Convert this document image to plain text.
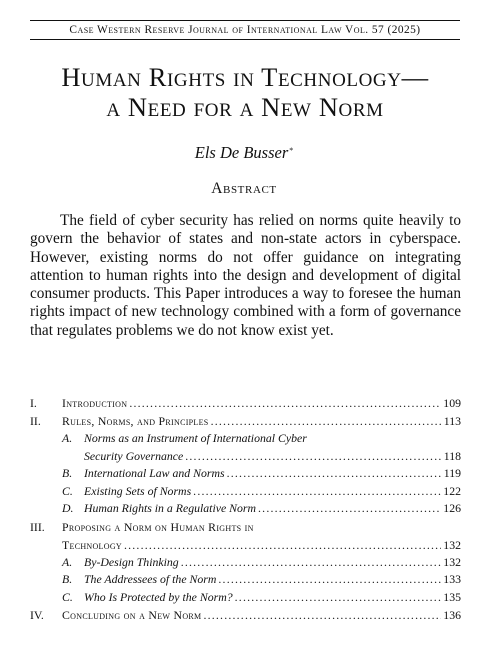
Case Western Reserve Journal of International Law Vol. 57 (2025)
Human Rights in Technology—
a Need for a New Norm
Els De Busser*
Abstract

The field of cyber security has relied on norms quite heavily to govern the behavior of states and non-state actors in cyberspace. However, existing norms do not offer guidance on integrating attention to human rights into the design and development of digital consumer products. This Paper introduces a way to foresee the human rights impact of new technology combined with a form of governance that regulates problems we do not know exist yet.

I.	Introduction .....	109
II.	Rules, Norms, and Principles .....	113
A.	Norms as an Instrument of International Cyber
Security Governance .....	118
B.	International Law and Norms .....	119
C. Existing Sets of Norms .....	122
D. Human Rights in a Regulative Norm .....	126
III.	Proposing a Norm on Human Rights in
Technology .....	132
A.	By-Design Thinking .....	132
B.	The Addressees of the Norm .....	133
C. Who Is Protected by the Norm? .....	135
IV.	Concluding on a New Norm .....	136
